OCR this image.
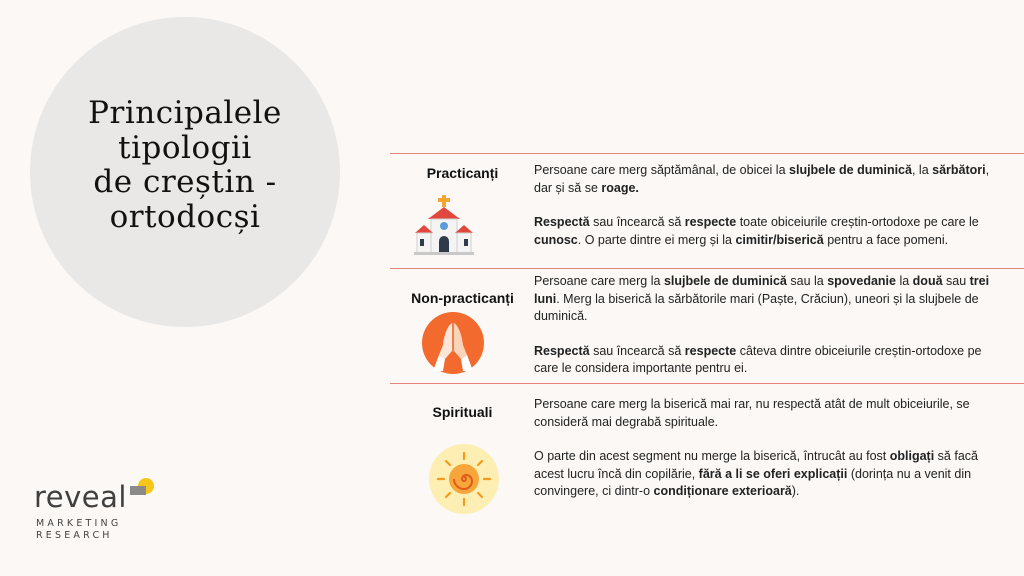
Principalele
tipologii
de creștin -
ortodocși
Practicanți	Persoane care merg săptămânal, de obicei la slujbele de duminică, la sărbători, dar și să se roage.

Respectă sau încearcă să respecte toate obiceiurile creștin-ortodoxe pe care le cunosc. O parte dintre ei merg și la cimitir/biserică pentru a face pomeni.

Non-practicanți

Persoane care merg la slujbele de duminică sau la spovedanie la două sau trei luni. Merg la biserică la sărbătorile mari (Paște, Crăciun), uneori și la slujbele de duminică.

Respectă sau încearcă să respecte câteva dintre obiceiurile creștin-ortodoxe pe care le considera importante pentru ei.

Spirituali	Persoane care merg la biserică mai rar, nu respectă atât de mult obiceiurile, se consideră mai degrabă spirituale.

O parte din acest segment nu merge la biserică, întrucât au fost obligați să facă acest lucru încă din copilărie, fără a li se oferi explicații (dorința nu a venit din convingere, ci dintr-o condiționare exterioară).

reveal
MARKETING
RESEARCH
